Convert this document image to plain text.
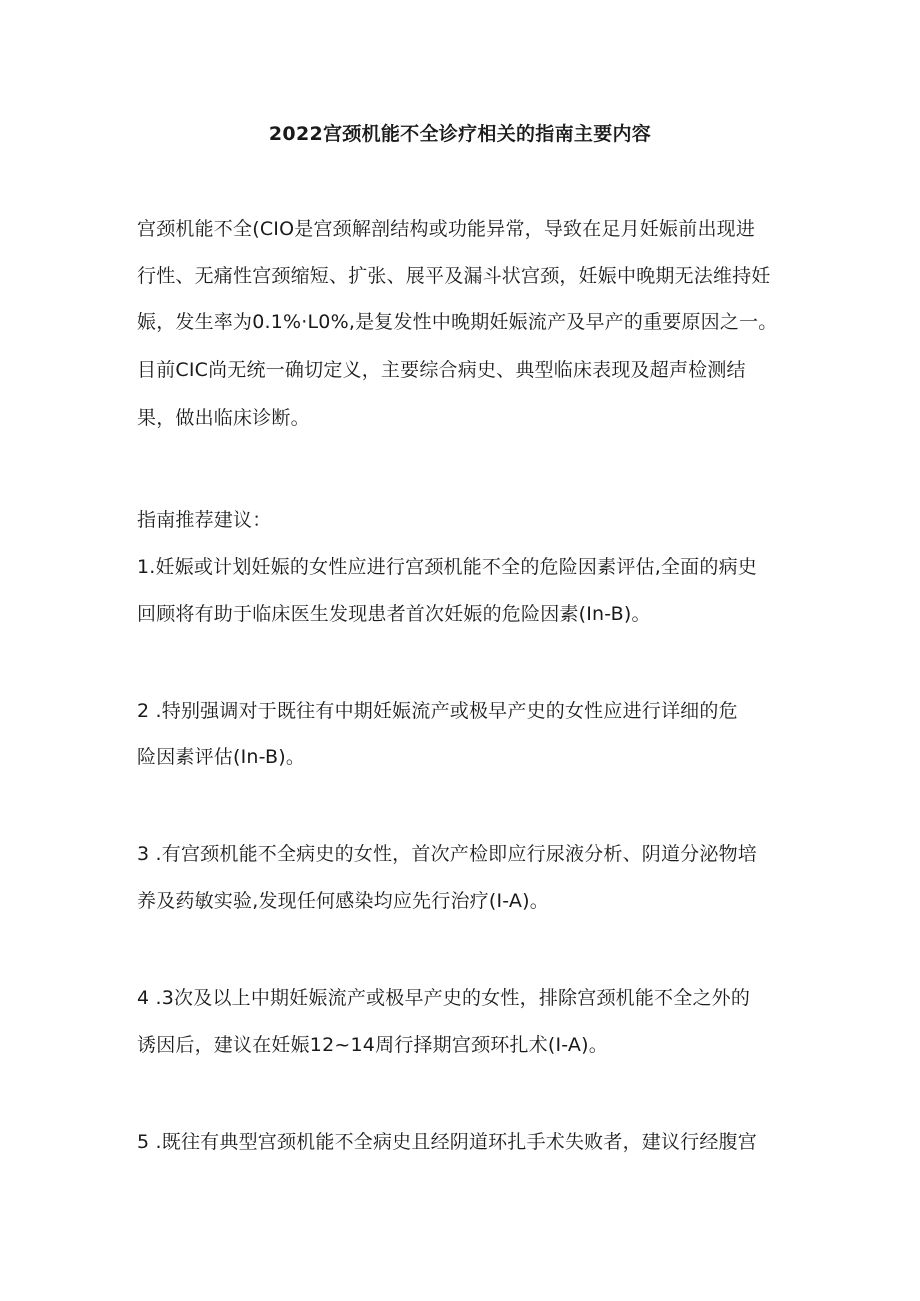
2022宫颈机能不全诊疗相关的指南主要内容
宫颈机能不全(CIO是宫颈解剖结构或功能异常，导致在足月妊娠前出现进
行性、无痛性宫颈缩短、扩张、展平及漏斗状宫颈，妊娠中晚期无法维持妊
娠，发生率为0.1%·L0%,是复发性中晚期妊娠流产及早产的重要原因之一。
目前CIC尚无统一确切定义，主要综合病史、典型临床表现及超声检测结
果，做出临床诊断。
指南推荐建议：
1.妊娠或计划妊娠的女性应进行宫颈机能不全的危险因素评估,全面的病史
回顾将有助于临床医生发现患者首次妊娠的危险因素(In-B)。
2 .特别强调对于既往有中期妊娠流产或极早产史的女性应进行详细的危
险因素评估(In-B)。
3 .有宫颈机能不全病史的女性，首次产检即应行尿液分析、阴道分泌物培
养及药敏实验,发现任何感染均应先行治疗(I-A)。
4 .3次及以上中期妊娠流产或极早产史的女性，排除宫颈机能不全之外的
诱因后，建议在妊娠12~14周行择期宫颈环扎术(I-A)。
5 .既往有典型宫颈机能不全病史且经阴道环扎手术失败者，建议行经腹宫
